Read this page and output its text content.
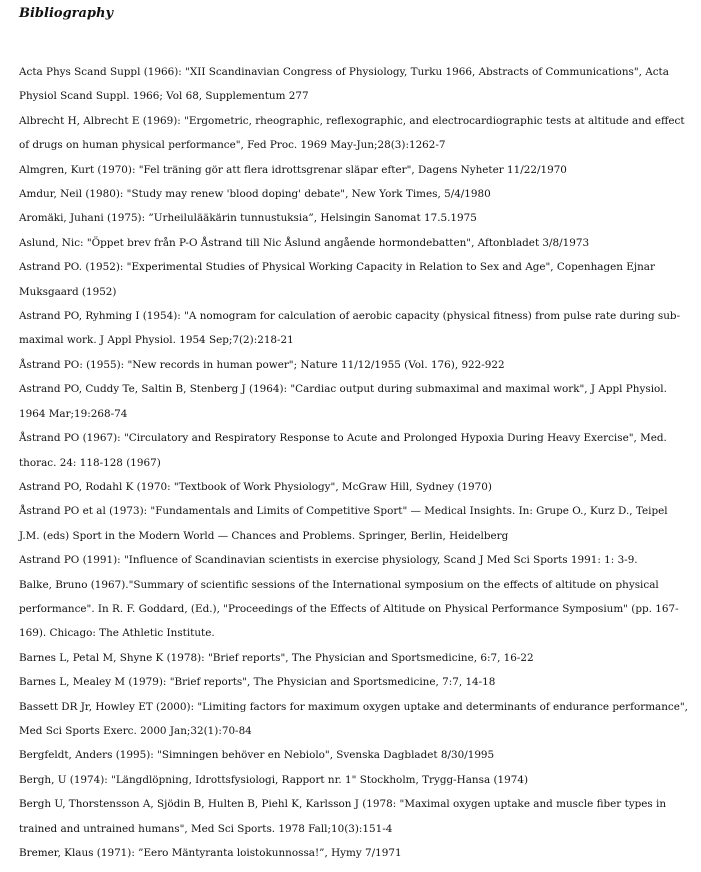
Bibliography
Acta Phys Scand Suppl (1966): "XII Scandinavian Congress of Physiology, Turku 1966, Abstracts of Communications", Acta Physiol Scand Suppl. 1966; Vol 68, Supplementum 277
Albrecht H, Albrecht E (1969): "Ergometric, rheographic, reflexographic, and electrocardiographic tests at altitude and effect of drugs on human physical performance", Fed Proc. 1969 May-Jun;28(3):1262-7
Almgren, Kurt (1970): "Fel träning gör att flera idrottsgrenar släpar efter", Dagens Nyheter 11/22/1970
Amdur, Neil (1980): "Study may renew 'blood doping' debate", New York Times, 5/4/1980
Aromäki, Juhani (1975): ”Urheilulääkärin tunnustuksia”, Helsingin Sanomat 17.5.1975
Aslund, Nic: "Öppet brev från P-O Åstrand till Nic Åslund angående hormondebatten", Aftonbladet 3/8/1973
Astrand PO. (1952): "Experimental Studies of Physical Working Capacity in Relation to Sex and Age", Copenhagen Ejnar Muksgaard (1952)
Astrand PO, Ryhming I (1954): "A nomogram for calculation of aerobic capacity (physical fitness) from pulse rate during sub-maximal work. J Appl Physiol. 1954 Sep;7(2):218-21
Åstrand PO: (1955): "New records in human power"; Nature 11/12/1955 (Vol. 176), 922-922
Astrand PO, Cuddy Te, Saltin B, Stenberg J (1964): "Cardiac output during submaximal and maximal work", J Appl Physiol. 1964 Mar;19:268-74
Åstrand PO (1967): "Circulatory and Respiratory Response to Acute and Prolonged Hypoxia During Heavy Exercise", Med. thorac. 24: 118-128 (1967)
Astrand PO, Rodahl K (1970: "Textbook of Work Physiology", McGraw Hill, Sydney (1970)
Åstrand PO et al (1973): "Fundamentals and Limits of Competitive Sport" — Medical Insights. In: Grupe O., Kurz D., Teipel J.M. (eds) Sport in the Modern World — Chances and Problems. Springer, Berlin, Heidelberg
Astrand PO (1991): "Influence of Scandinavian scientists in exercise physiology, Scand J Med Sci Sports 1991: 1: 3-9.
Balke, Bruno (1967)."Summary of scientific sessions of the International symposium on the effects of altitude on physical performance". In R. F. Goddard, (Ed.), "Proceedings of the Effects of Altitude on Physical Performance Symposium" (pp. 167-169). Chicago: The Athletic Institute.
Barnes L, Petal M, Shyne K (1978): "Brief reports", The Physician and Sportsmedicine, 6:7, 16-22
Barnes L, Mealey M (1979): "Brief reports", The Physician and Sportsmedicine, 7:7, 14-18
Bassett DR Jr, Howley ET (2000): "Limiting factors for maximum oxygen uptake and determinants of endurance performance", Med Sci Sports Exerc. 2000 Jan;32(1):70-84
Bergfeldt, Anders (1995): "Simningen behöver en Nebiolo", Svenska Dagbladet 8/30/1995
Bergh, U (1974): "Längdlöpning, Idrottsfysiologi, Rapport nr. 1" Stockholm, Trygg-Hansa (1974)
Bergh U, Thorstensson A, Sjödin B, Hulten B, Piehl K, Karlsson J (1978: "Maximal oxygen uptake and muscle fiber types in trained and untrained humans", Med Sci Sports. 1978 Fall;10(3):151-4
Bremer, Klaus (1971): ”Eero Mäntyranta loistokunnossa!”, Hymy 7/1971
